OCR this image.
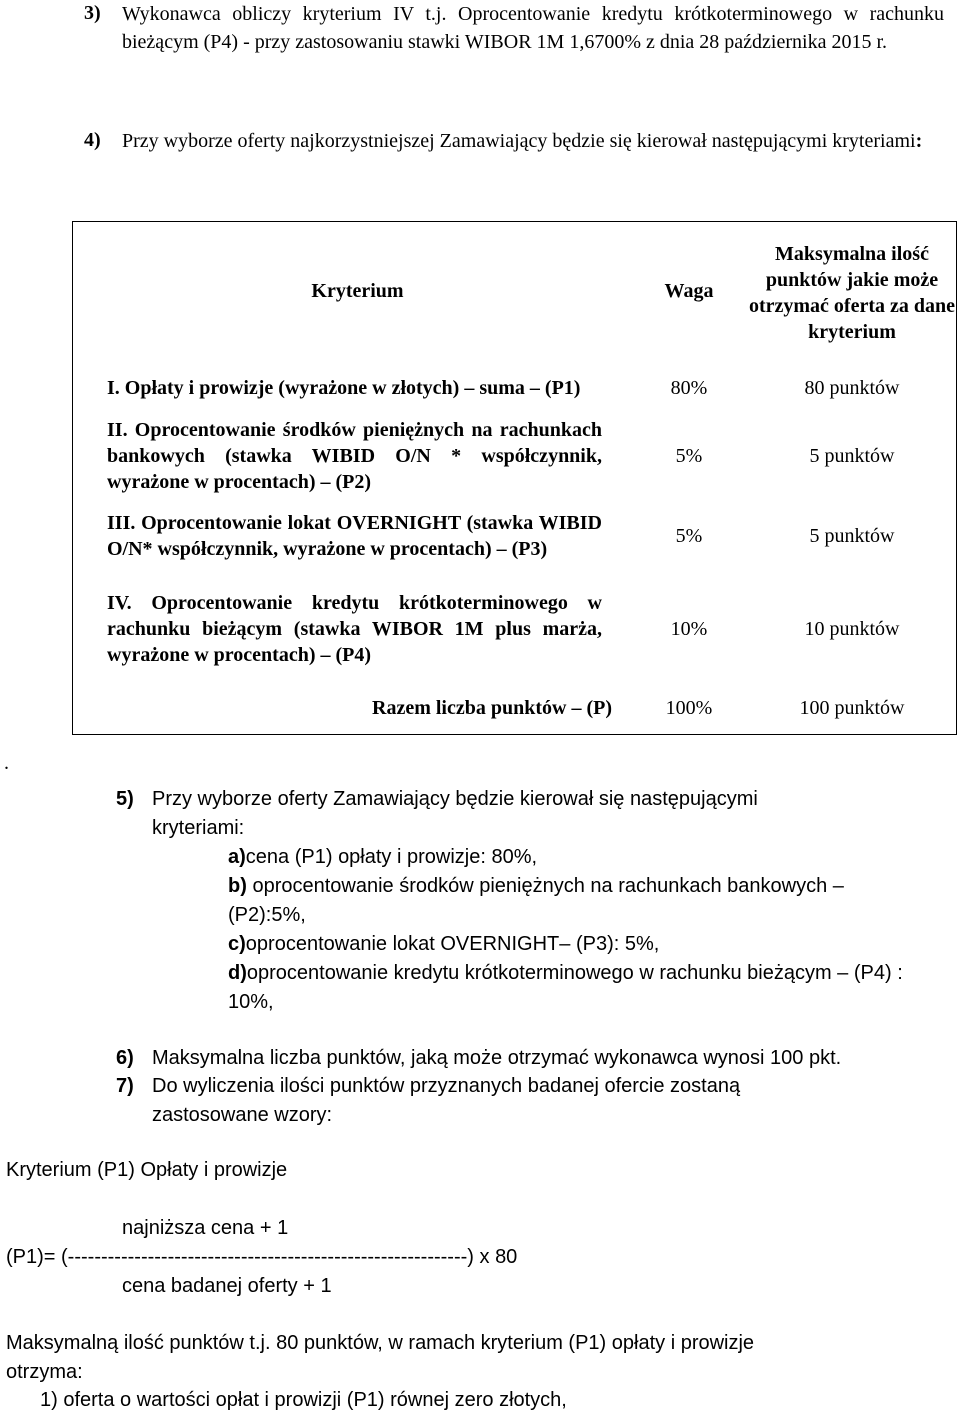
3) Wykonawca obliczy kryterium IV t.j. Oprocentowanie kredytu krótkoterminowego w rachunku bieżącym (P4) - przy zastosowaniu stawki WIBOR 1M 1,6700% z dnia 28 października 2015 r.
4) Przy wyborze oferty najkorzystniejszej Zamawiający będzie się kierował następującymi kryteriami:
Kryterium	Waga	Maksymalna ilość punktów jakie może otrzymać oferta za dane kryterium
I. Opłaty i prowizje (wyrażone w złotych) – suma – (P1)	80%	80 punktów
II. Oprocentowanie środków pieniężnych na rachunkach bankowych (stawka WIBID O/N * współczynnik, wyrażone w procentach) – (P2)	5%	5 punktów
III. Oprocentowanie lokat OVERNIGHT (stawka WIBID O/N* współczynnik, wyrażone w procentach) – (P3)	5%	5 punktów
IV. Oprocentowanie kredytu krótkoterminowego w rachunku bieżącym (stawka WIBOR 1M plus marża, wyrażone w procentach) – (P4)	10%	10 punktów
Razem liczba punktów – (P)	100%	100 punktów
.
5) Przy wyborze oferty Zamawiający będzie kierował się następującymi
kryteriami:
a)cena (P1) opłaty i prowizje: 80%,
b) oprocentowanie środków pieniężnych na rachunkach bankowych –
(P2):5%,
c)oprocentowanie lokat OVERNIGHT– (P3): 5%,
d)oprocentowanie kredytu krótkoterminowego w rachunku bieżącym – (P4) :
10%,
6) Maksymalna liczba punktów, jaką może otrzymać wykonawca wynosi 100 pkt.
7) Do wyliczenia ilości punktów przyznanych badanej ofercie zostaną
zastosowane wzory:
Kryterium (P1) Opłaty i prowizje
najniższa cena + 1
(P1)= (------------------------------------------------------------) x 80
cena badanej oferty + 1
Maksymalną ilość punktów t.j. 80 punktów, w ramach kryterium (P1) opłaty i prowizje
otrzyma:
1) oferta o wartości opłat i prowizji (P1) równej zero złotych,
